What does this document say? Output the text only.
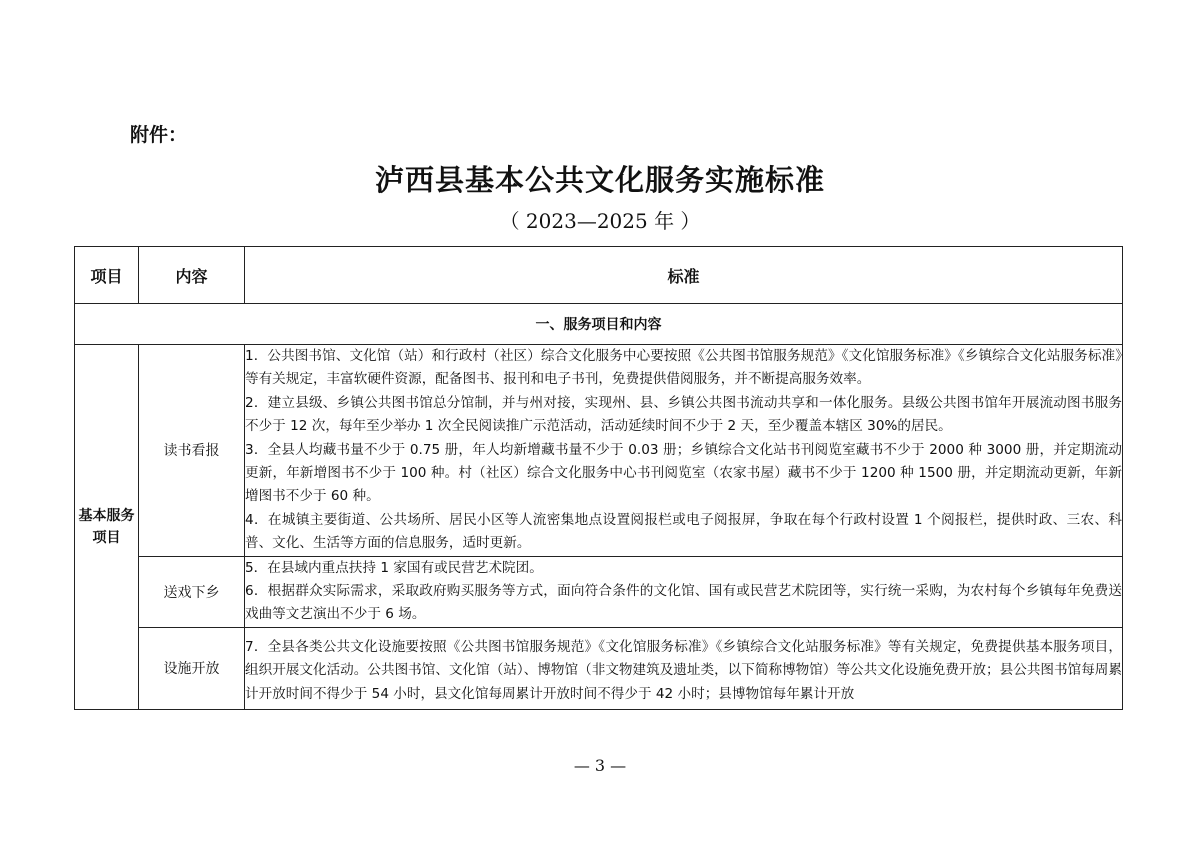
附件：
泸西县基本公共文化服务实施标准
（ 2023—2025 年 ）
项目	内容	标准
一、服务项目和内容		
基本服务项目	读书看报	1．公共图书馆、文化馆（站）和行政村（社区）综合文化服务中心要按照《公共图书馆服务规范》《文化馆服务标准》《乡镇综合文化站服务标准》等有关规定，丰富软硬件资源，配备图书、报刊和电子书刊，免费提供借阅服务，并不断提高服务效率。

2．建立县级、乡镇公共图书馆总分馆制，并与州对接，实现州、县、乡镇公共图书流动共享和一体化服务。县级公共图书馆年开展流动图书服务不少于 12 次，每年至少举办 1 次全民阅读推广示范活动，活动延续时间不少于 2 天，至少覆盖本辖区 30%的居民。

3．全县人均藏书量不少于 0.75 册，年人均新增藏书量不少于 0.03 册；乡镇综合文化站书刊阅览室藏书不少于 2000 种 3000 册，并定期流动更新，年新增图书不少于 100 种。村（社区）综合文化服务中心书刊阅览室（农家书屋）藏书不少于 1200 种 1500 册，并定期流动更新，年新增图书不少于 60 种。

4．在城镇主要街道、公共场所、居民小区等人流密集地点设置阅报栏或电子阅报屏，争取在每个行政村设置 1 个阅报栏，提供时政、三农、科普、文化、生活等方面的信息服务，适时更新。

	送戏下乡	5．在县域内重点扶持 1 家国有或民营艺术院团。

6．根据群众实际需求，采取政府购买服务等方式，面向符合条件的文化馆、国有或民营艺术院团等，实行统一采购，为农村每个乡镇每年免费送戏曲等文艺演出不少于 6 场。

	设施开放	7．全县各类公共文化设施要按照《公共图书馆服务规范》《文化馆服务标准》《乡镇综合文化站服务标准》等有关规定，免费提供基本服务项目，组织开展文化活动。公共图书馆、文化馆（站）、博物馆（非文物建筑及遗址类，以下简称博物馆）等公共文化设施免费开放；县公共图书馆每周累计开放时间不得少于 54 小时，县文化馆每周累计开放时间不得少于 42 小时；县博物馆每年累计开放

— 3 —
